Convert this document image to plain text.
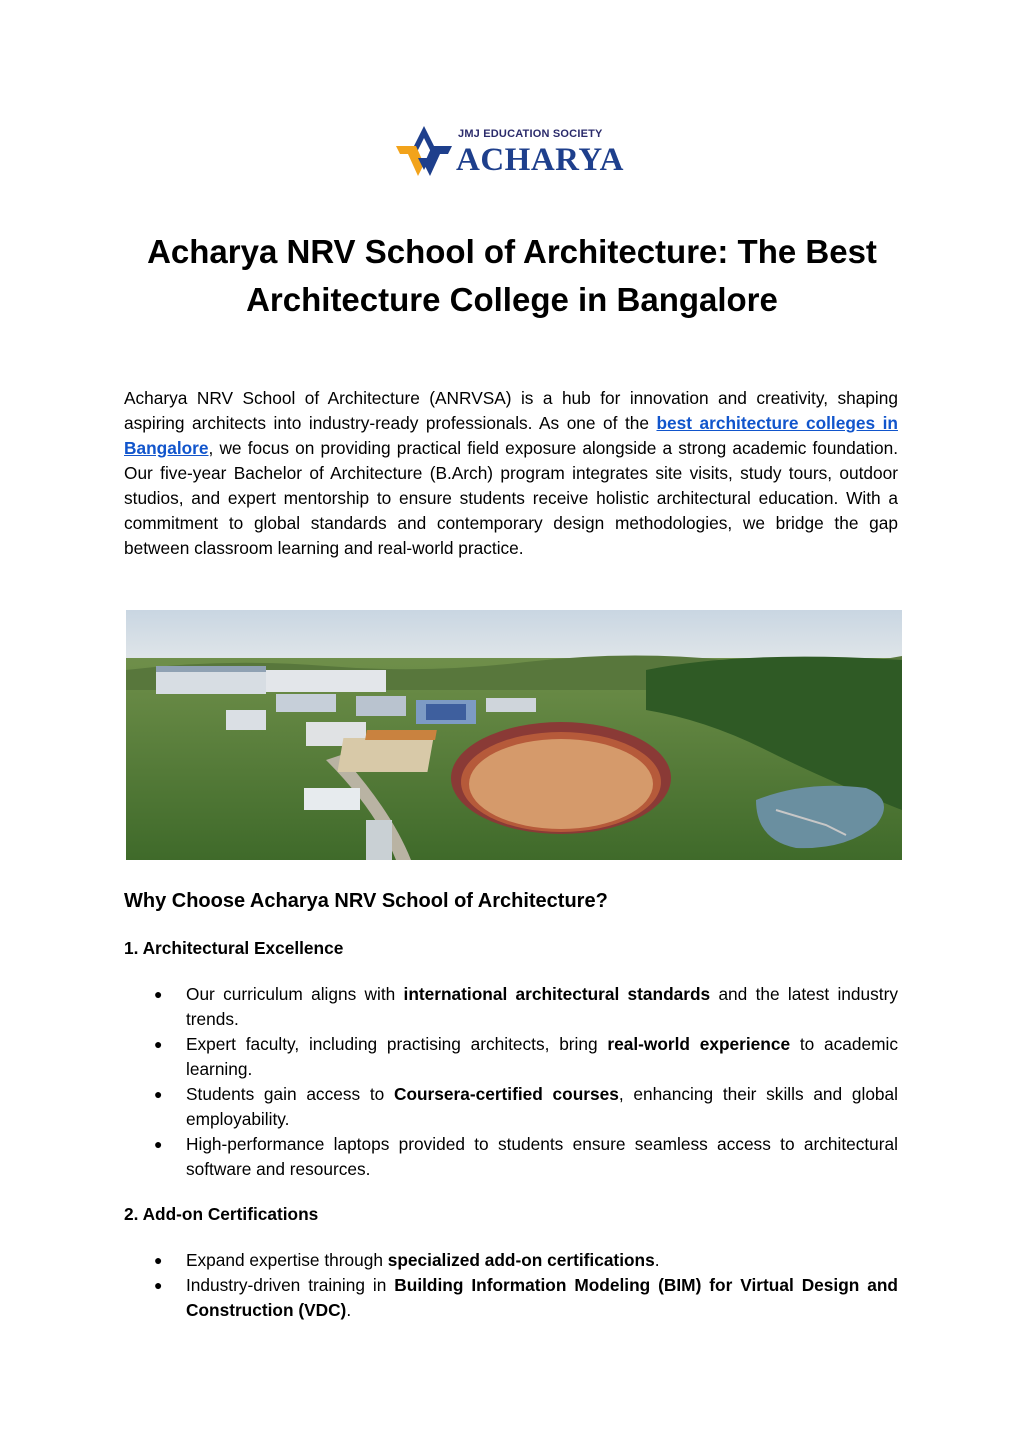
JMJ EDUCATION SOCIETY
ACHARYA
Acharya NRV School of Architecture: The Best
Architecture College in Bangalore

Acharya NRV School of Architecture (ANRVSA) is a hub for innovation and creativity, shaping aspiring architects into industry-ready professionals. As one of the best architecture colleges in Bangalore, we focus on providing practical field exposure alongside a strong academic foundation. Our five-year Bachelor of Architecture (B.Arch) program integrates site visits, study tours, outdoor studios, and expert mentorship to ensure students receive holistic architectural education. With a commitment to global standards and contemporary design methodologies, we bridge the gap between classroom learning and real-world practice.

Why Choose Acharya NRV School of Architecture?
1. Architectural Excellence
● Our curriculum aligns with international architectural standards and the latest industry trends.
● Expert faculty, including practising architects, bring real-world experience to academic learning.
● Students gain access to Coursera-certified courses, enhancing their skills and global employability.
● High-performance laptops provided to students ensure seamless access to architectural software and resources.
2. Add-on Certifications
● Expand expertise through specialized add-on certifications.
● Industry-driven training in Building Information Modeling (BIM) for Virtual Design and Construction (VDC).
